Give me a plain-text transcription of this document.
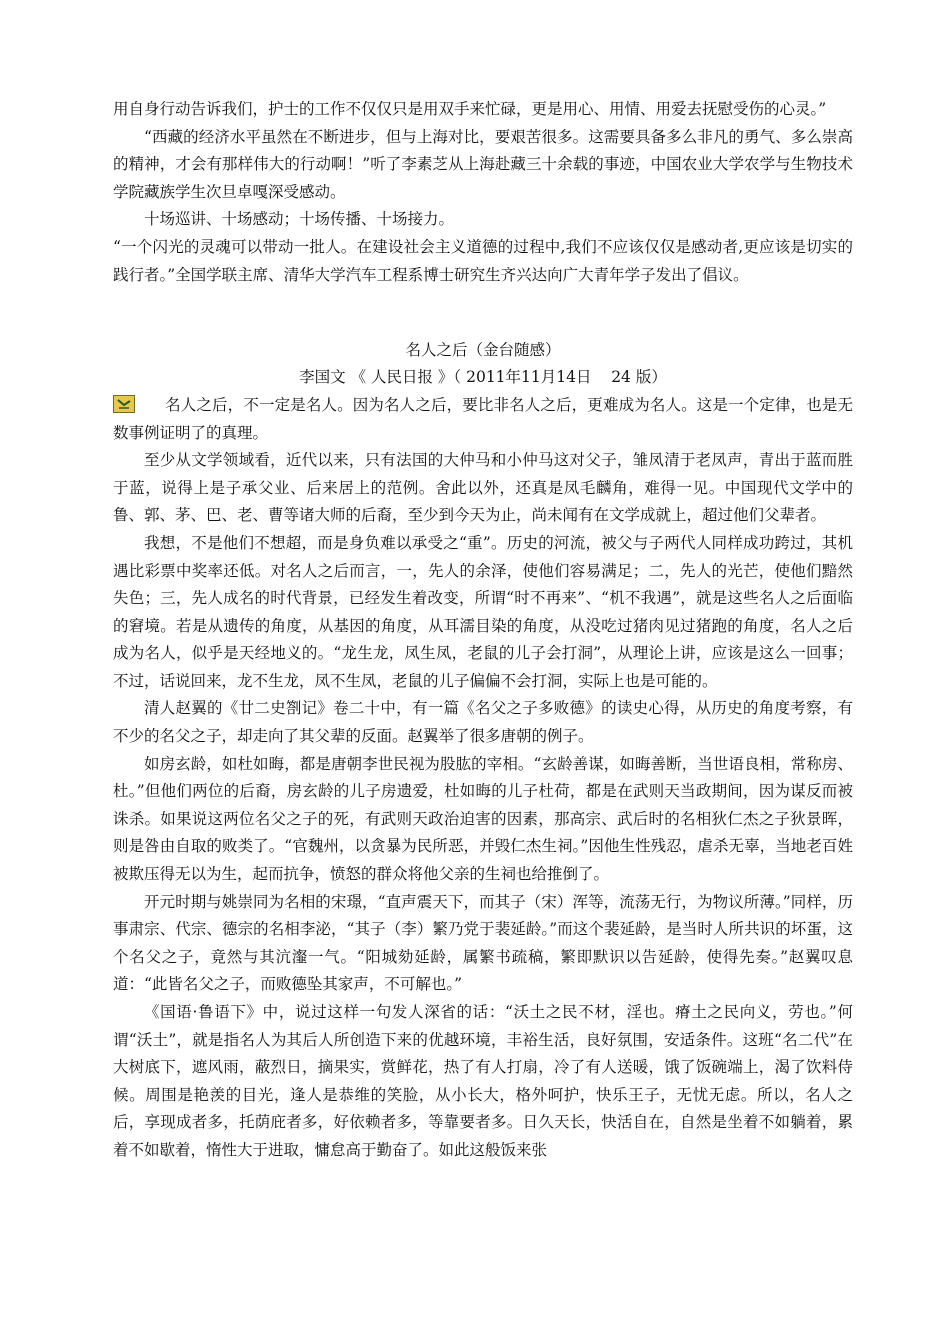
用自身行动告诉我们，护士的工作不仅仅只是用双手来忙碌，更是用心、用情、用爱去抚慰受伤的心灵。”

“西藏的经济水平虽然在不断进步，但与上海对比，要艰苦很多。这需要具备多么非凡的勇气、多么崇高的精神，才会有那样伟大的行动啊！”听了李素芝从上海赴藏三十余载的事迹，中国农业大学农学与生物技术学院藏族学生次旦卓嘎深受感动。

十场巡讲、十场感动；十场传播、十场接力。

“一个闪光的灵魂可以带动一批人。在建设社会主义道德的过程中,我们不应该仅仅是感动者,更应该是切实的践行者。”全国学联主席、清华大学汽车工程系博士研究生齐兴达向广大青年学子发出了倡议。

名人之后（金台随感）

李国文 《 人民日报 》（ 2011年11月14日    24 版）

名人之后，不一定是名人。因为名人之后，要比非名人之后，更难成为名人。这是一个定律，也是无数事例证明了的真理。

至少从文学领域看，近代以来，只有法国的大仲马和小仲马这对父子，雏凤清于老凤声，青出于蓝而胜于蓝，说得上是子承父业、后来居上的范例。舍此以外，还真是凤毛麟角，难得一见。中国现代文学中的鲁、郭、茅、巴、老、曹等诸大师的后裔，至少到今天为止，尚未闻有在文学成就上，超过他们父辈者。

我想，不是他们不想超，而是身负难以承受之“重”。历史的河流，被父与子两代人同样成功跨过，其机遇比彩票中奖率还低。对名人之后而言，一，先人的余泽，使他们容易满足；二，先人的光芒，使他们黯然失色；三，先人成名的时代背景，已经发生着改变，所谓“时不再来”、“机不我遇”，就是这些名人之后面临的窘境。若是从遗传的角度，从基因的角度，从耳濡目染的角度，从没吃过猪肉见过猪跑的角度，名人之后成为名人，似乎是天经地义的。“龙生龙，凤生凤，老鼠的儿子会打洞”，从理论上讲，应该是这么一回事；不过，话说回来，龙不生龙，凤不生凤，老鼠的儿子偏偏不会打洞，实际上也是可能的。

清人赵翼的《廿二史劄记》卷二十中，有一篇《名父之子多败德》的读史心得，从历史的角度考察，有不少的名父之子，却走向了其父辈的反面。赵翼举了很多唐朝的例子。

如房玄龄，如杜如晦，都是唐朝李世民视为股肱的宰相。“玄龄善谋，如晦善断，当世语良相，常称房、杜。”但他们两位的后裔，房玄龄的儿子房遗爱，杜如晦的儿子杜荷，都是在武则天当政期间，因为谋反而被诛杀。如果说这两位名父之子的死，有武则天政治迫害的因素，那高宗、武后时的名相狄仁杰之子狄景晖，则是咎由自取的败类了。“官魏州，以贪暴为民所恶，并毁仁杰生祠。”因他生性残忍，虐杀无辜，当地老百姓被欺压得无以为生，起而抗争，愤怒的群众将他父亲的生祠也给推倒了。

开元时期与姚崇同为名相的宋璟，“直声震天下，而其子（宋）浑等，流荡无行，为物议所薄。”同样，历事肃宗、代宗、德宗的名相李泌，“其子（李）繁乃党于裴延龄。”而这个裴延龄，是当时人所共识的坏蛋，这个名父之子，竟然与其沆瀣一气。“阳城劾延龄，属繁书疏稿，繁即默识以告延龄，使得先奏。”赵翼叹息道：“此皆名父之子，而败德坠其家声，不可解也。”

《国语·鲁语下》中，说过这样一句发人深省的话：“沃土之民不材，淫也。瘠土之民向义，劳也。”何谓“沃土”，就是指名人为其后人所创造下来的优越环境，丰裕生活，良好氛围，安适条件。这班“名二代”在大树底下，遮风雨，蔽烈日，摘果实，赏鲜花，热了有人打扇，冷了有人送暖，饿了饭碗端上，渴了饮料侍候。周围是艳羡的目光，逢人是恭维的笑脸，从小长大，格外呵护，快乐王子，无忧无虑。所以，名人之后，享现成者多，托荫庇者多，好依赖者多，等靠要者多。日久天长，快活自在，自然是坐着不如躺着，累着不如歇着，惰性大于进取，慵怠高于勤奋了。如此这般饭来张
